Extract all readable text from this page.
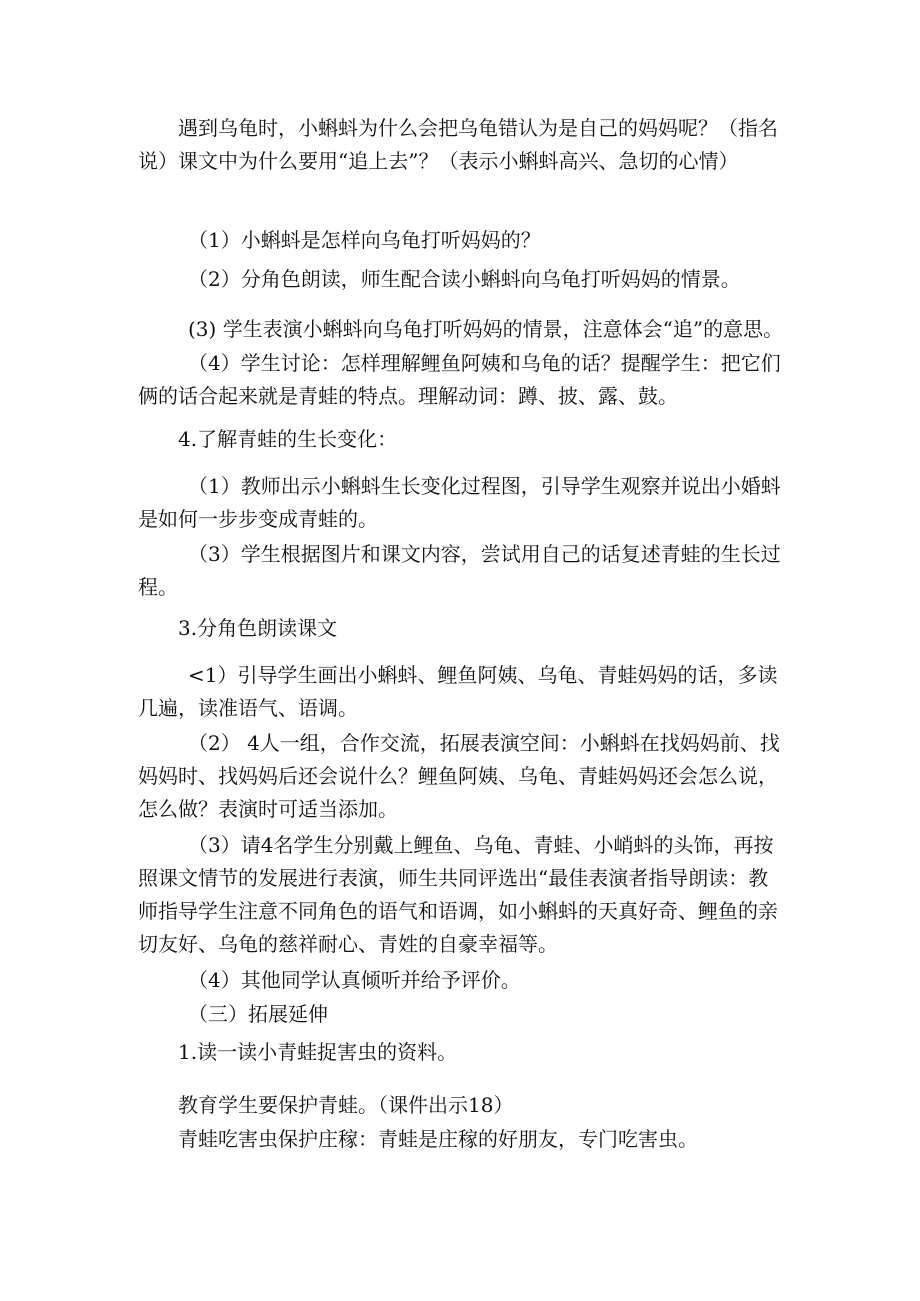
遇到乌龟时，小蝌蚪为什么会把乌龟错认为是自己的妈妈呢？（指名说）课文中为什么要用“追上去”？（表示小蝌蚪高兴、急切的心情）

（1）小蝌蚪是怎样向乌龟打听妈妈的？

（2）分角色朗读，师生配合读小蝌蚪向乌龟打听妈妈的情景。

(3) 学生表演小蝌蚪向乌龟打听妈妈的情景，注意体会“追”的意思。

（4）学生讨论：怎样理解鲤鱼阿姨和乌龟的话？提醒学生：把它们俩的话合起来就是青蛙的特点。理解动词：蹲、披、露、鼓。

4.了解青蛙的生长变化：

（1）教师出示小蝌蚪生长变化过程图，引导学生观察并说出小婚蚪是如何一步步变成青蛙的。

（3）学生根据图片和课文内容，尝试用自己的话复述青蛙的生长过程。

3.分角色朗读课文

<1）引导学生画出小蝌蚪、鲤鱼阿姨、乌龟、青蛙妈妈的话，多读几遍，读准语气、语调。

（2） 4人一组，合作交流，拓展表演空间：小蝌蚪在找妈妈前、找妈妈时、找妈妈后还会说什么？鲤鱼阿姨、乌龟、青蛙妈妈还会怎么说，怎么做？表演时可适当添加。

（3）请4名学生分别戴上鲤鱼、乌龟、青蛙、小峭蚪的头饰，再按照课文情节的发展进行表演，师生共同评选出“最佳表演者指导朗读：教师指导学生注意不同角色的语气和语调，如小蝌蚪的天真好奇、鲤鱼的亲切友好、乌龟的慈祥耐心、青姓的自豪幸福等。

（4）其他同学认真倾听并给予评价。

（三）拓展延伸

1.读一读小青蛙捉害虫的资料。

教育学生要保护青蛙。（课件出示18）

青蛙吃害虫保护庄稼：青蛙是庄稼的好朋友，专门吃害虫。
